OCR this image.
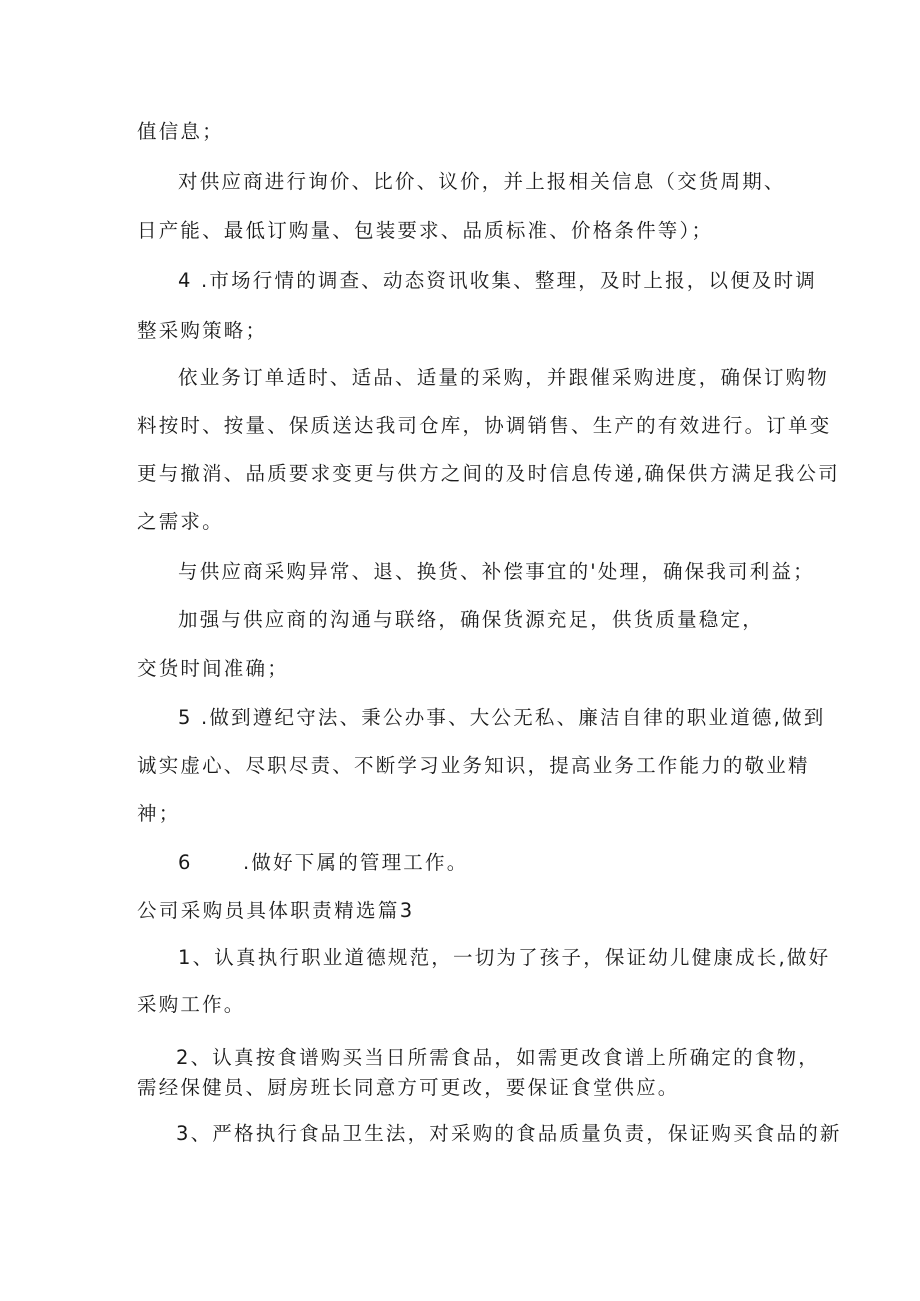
值信息；
对供应商进行询价、比价、议价，并上报相关信息（交货周期、
日产能、最低订购量、包装要求、品质标准、价格条件等）；
4 .市场行情的调查、动态资讯收集、整理，及时上报，以便及时调
整采购策略；
依业务订单适时、适品、适量的采购，并跟催采购进度，确保订购物
料按时、按量、保质送达我司仓库，协调销售、生产的有效进行。订单变
更与撤消、品质要求变更与供方之间的及时信息传递,确保供方满足我公司
之需求。
与供应商采购异常、退、换货、补偿事宜的'处理，确保我司利益；
加强与供应商的沟通与联络，确保货源充足，供货质量稳定，
交货时间准确；
5 .做到遵纪守法、秉公办事、大公无私、廉洁自律的职业道德,做到
诚实虚心、尽职尽责、不断学习业务知识，提高业务工作能力的敬业精
神；
6      .做好下属的管理工作。
公司采购员具体职责精选篇3
1、认真执行职业道德规范，一切为了孩子，保证幼儿健康成长,做好
采购工作。
2、认真按食谱购买当日所需食品，如需更改食谱上所确定的食物，
需经保健员、厨房班长同意方可更改，要保证食堂供应。
3、严格执行食品卫生法，对采购的食品质量负责，保证购买食品的新
